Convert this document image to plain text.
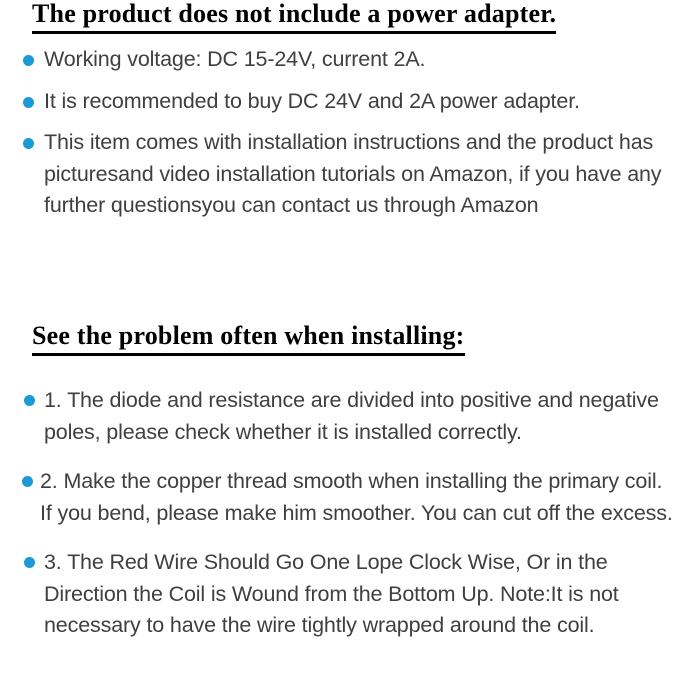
The product does not include a power adapter.
Working voltage: DC 15-24V, current 2A.
It is recommended to buy DC 24V and 2A power adapter.
This item comes with installation instructions and the product has picturesand video installation tutorials on Amazon, if you have any further questionsyou can contact us through Amazon
See the problem often when installing:
1. The diode and resistance are divided into positive and negative poles, please check whether it is installed correctly.
2. Make the copper thread smooth when installing the primary coil. If you bend, please make him smoother. You can cut off the excess.
3. The Red Wire Should Go One Lope Clock Wise, Or in the Direction the Coil is Wound from the Bottom Up. Note:It is not necessary to have the wire tightly wrapped around the coil.
